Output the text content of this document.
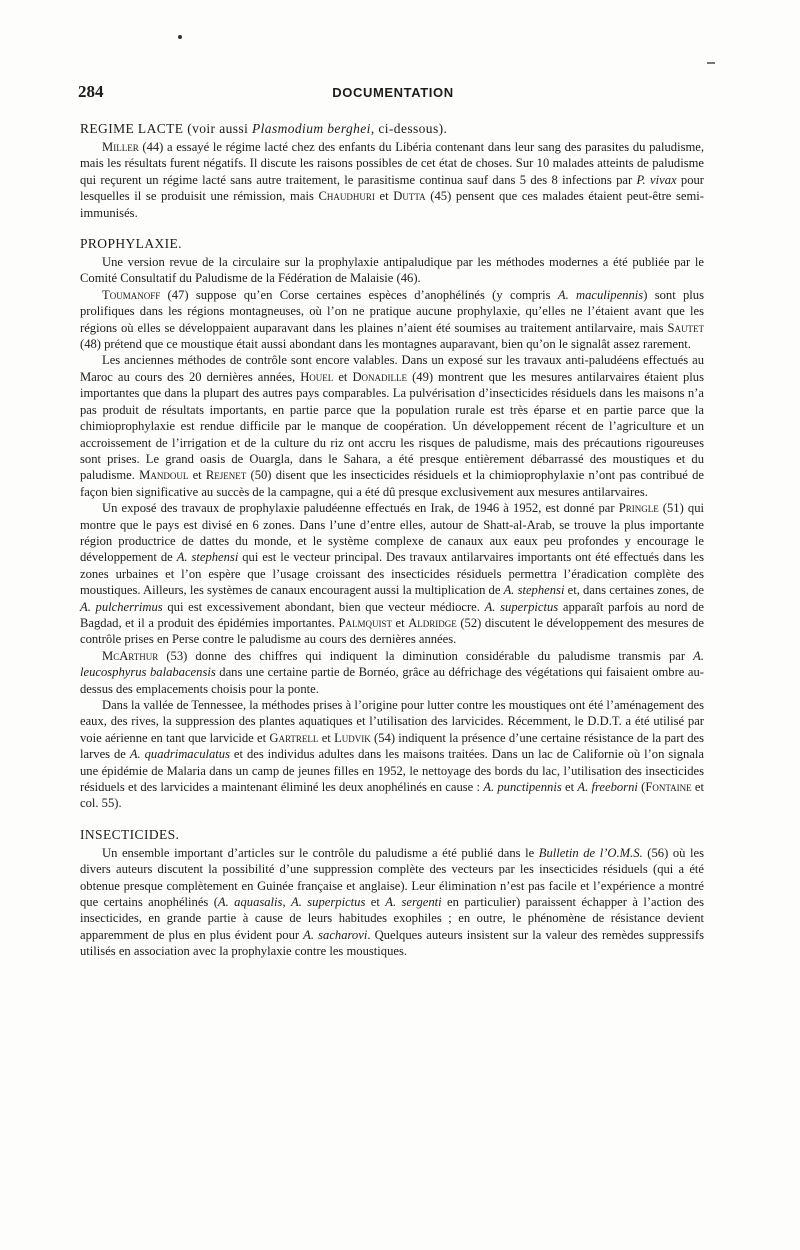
284	DOCUMENTATION
REGIME LACTE (voir aussi Plasmodium berghei, ci-dessous).

Miller (44) a essayé le régime lacté chez des enfants du Libéria contenant dans leur sang des parasites du paludisme, mais les résultats furent négatifs. Il discute les raisons possibles de cet état de choses. Sur 10 malades atteints de paludisme qui reçurent un régime lacté sans autre traitement, le parasitisme continua sauf dans 5 des 8 infections par P. vivax pour lesquelles il se produisit une rémission, mais Chaudhuri et Dutta (45) pensent que ces malades étaient peut-être semi-immunisés.

PROPHYLAXIE.

Une version revue de la circulaire sur la prophylaxie antipaludique par les méthodes modernes a été publiée par le Comité Consultatif du Paludisme de la Fédération de Malaisie (46).

Toumanoff (47) suppose qu’en Corse certaines espèces d’anophélinés (y compris A. maculipennis) sont plus prolifiques dans les régions montagneuses, où l’on ne pratique aucune prophylaxie, qu’elles ne l’étaient avant que les régions où elles se développaient auparavant dans les plaines n’aient été soumises au traitement antilarvaire, mais Sautet (48) prétend que ce moustique était aussi abondant dans les montagnes auparavant, bien qu’on le signalât assez rarement.

Les anciennes méthodes de contrôle sont encore valables. Dans un exposé sur les travaux anti-paludéens effectués au Maroc au cours des 20 dernières années, Houel et Donadille (49) montrent que les mesures antilarvaires étaient plus importantes que dans la plupart des autres pays comparables. La pulvérisation d’insecticides résiduels dans les maisons n’a pas produit de résultats importants, en partie parce que la population rurale est très éparse et en partie parce que la chimioprophylaxie est rendue difficile par le manque de coopération. Un développement récent de l’agriculture et un accroissement de l’irrigation et de la culture du riz ont accru les risques de paludisme, mais des précautions rigoureuses sont prises. Le grand oasis de Ouargla, dans le Sahara, a été presque entièrement débarrassé des moustiques et du paludisme. Mandoul et Rejenet (50) disent que les insecticides résiduels et la chimioprophylaxie n’ont pas contribué de façon bien significative au succès de la campagne, qui a été dû presque exclusivement aux mesures antilarvaires.

Un exposé des travaux de prophylaxie paludéenne effectués en Irak, de 1946 à 1952, est donné par Pringle (51) qui montre que le pays est divisé en 6 zones. Dans l’une d’entre elles, autour de Shatt-al-Arab, se trouve la plus importante région productrice de dattes du monde, et le système complexe de canaux aux eaux peu profondes y encourage le développement de A. stephensi qui est le vecteur principal. Des travaux antilarvaires importants ont été effectués dans les zones urbaines et l’on espère que l’usage croissant des insecticides résiduels permettra l’éradication complète des moustiques. Ailleurs, les systèmes de canaux encouragent aussi la multiplication de A. stephensi et, dans certaines zones, de A. pulcherrimus qui est excessivement abondant, bien que vecteur médiocre. A. superpictus apparaît parfois au nord de Bagdad, et il a produit des épidémies importantes. Palmquist et Aldridge (52) discutent le développement des mesures de contrôle prises en Perse contre le paludisme au cours des dernières années.

McArthur (53) donne des chiffres qui indiquent la diminution considérable du paludisme transmis par A. leucosphyrus balabacensis dans une certaine partie de Bornéo, grâce au défrichage des végétations qui faisaient ombre au-dessus des emplacements choisis pour la ponte.

Dans la vallée de Tennessee, la méthodes prises à l’origine pour lutter contre les moustiques ont été l’aménagement des eaux, des rives, la suppression des plantes aquatiques et l’utilisation des larvicides. Récemment, le D.D.T. a été utilisé par voie aérienne en tant que larvicide et Gartrell et Ludvik (54) indiquent la présence d’une certaine résistance de la part des larves de A. quadrimaculatus et des individus adultes dans les maisons traitées. Dans un lac de Californie où l’on signala une épidémie de Malaria dans un camp de jeunes filles en 1952, le nettoyage des bords du lac, l’utilisation des insecticides résiduels et des larvicides a maintenant éliminé les deux anophélinés en cause : A. punctipennis et A. freeborni (Fontaine et col. 55).

INSECTICIDES.

Un ensemble important d’articles sur le contrôle du paludisme a été publié dans le Bulletin de l’O.M.S. (56) où les divers auteurs discutent la possibilité d’une suppression complète des vecteurs par les insecticides résiduels (qui a été obtenue presque complètement en Guinée française et anglaise). Leur élimination n’est pas facile et l’expérience a montré que certains anophélinés (A. aquasalis, A. superpictus et A. sergenti en particulier) paraissent échapper à l’action des insecticides, en grande partie à cause de leurs habitudes exophiles ; en outre, le phénomène de résistance devient apparemment de plus en plus évident pour A. sacharovi. Quelques auteurs insistent sur la valeur des remèdes suppressifs utilisés en association avec la prophylaxie contre les moustiques.
